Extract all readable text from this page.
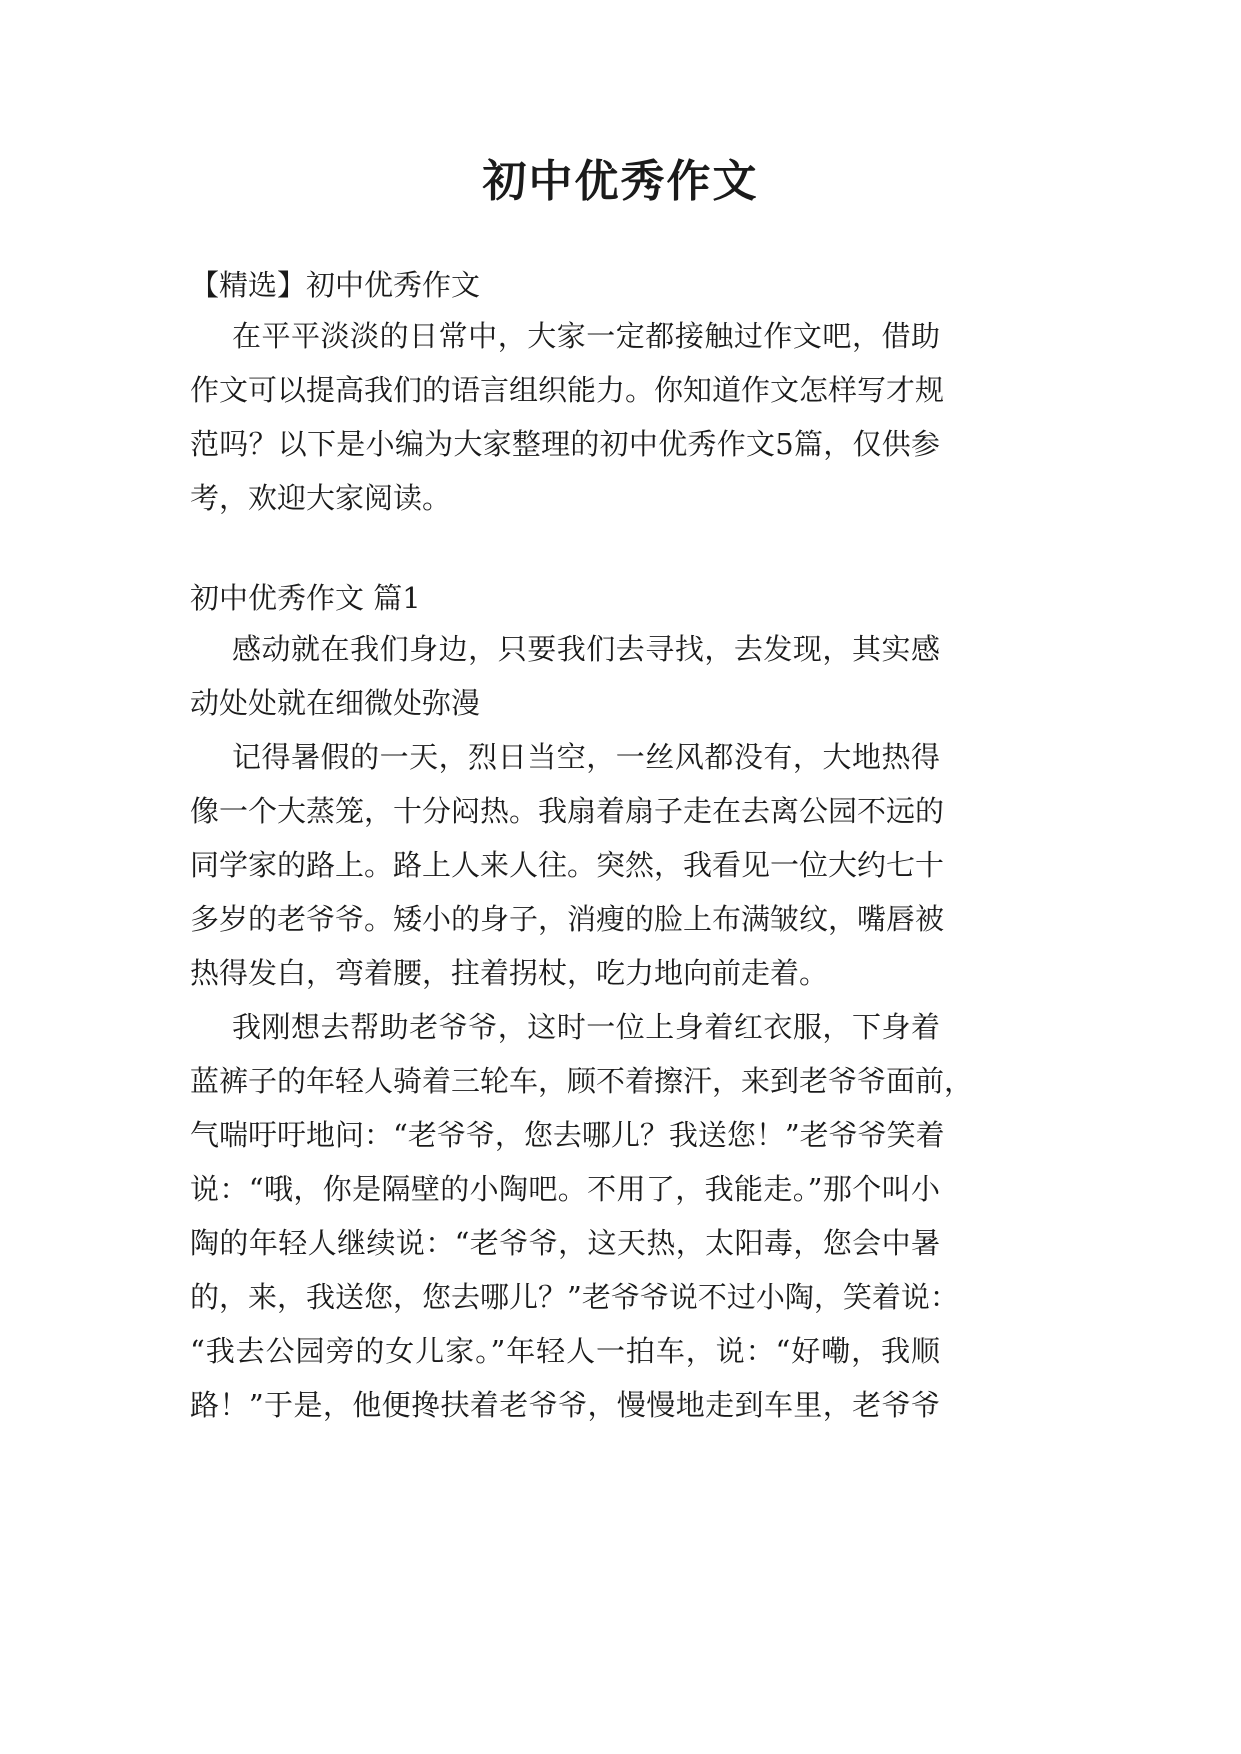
初中优秀作文
【精选】初中优秀作文
在平平淡淡的日常中，大家一定都接触过作文吧，借助
作文可以提高我们的语言组织能力。你知道作文怎样写才规
范吗？以下是小编为大家整理的初中优秀作文5篇，仅供参
考，欢迎大家阅读。
初中优秀作文 篇1
感动就在我们身边，只要我们去寻找，去发现，其实感
动处处就在细微处弥漫
记得暑假的一天，烈日当空，一丝风都没有，大地热得
像一个大蒸笼，十分闷热。我扇着扇子走在去离公园不远的
同学家的路上。路上人来人往。突然，我看见一位大约七十
多岁的老爷爷。矮小的身子，消瘦的脸上布满皱纹，嘴唇被
热得发白，弯着腰，拄着拐杖，吃力地向前走着。
我刚想去帮助老爷爷，这时一位上身着红衣服，下身着
蓝裤子的年轻人骑着三轮车，顾不着擦汗，来到老爷爷面前，
气喘吁吁地问：“老爷爷，您去哪儿？我送您！”老爷爷笑着
说：“哦，你是隔壁的小陶吧。不用了，我能走。”那个叫小
陶的年轻人继续说：“老爷爷，这天热，太阳毒，您会中暑
的，来，我送您，您去哪儿？”老爷爷说不过小陶，笑着说：
“我去公园旁的女儿家。”年轻人一拍车，说：“好嘞，我顺
路！”于是，他便搀扶着老爷爷，慢慢地走到车里，老爷爷
